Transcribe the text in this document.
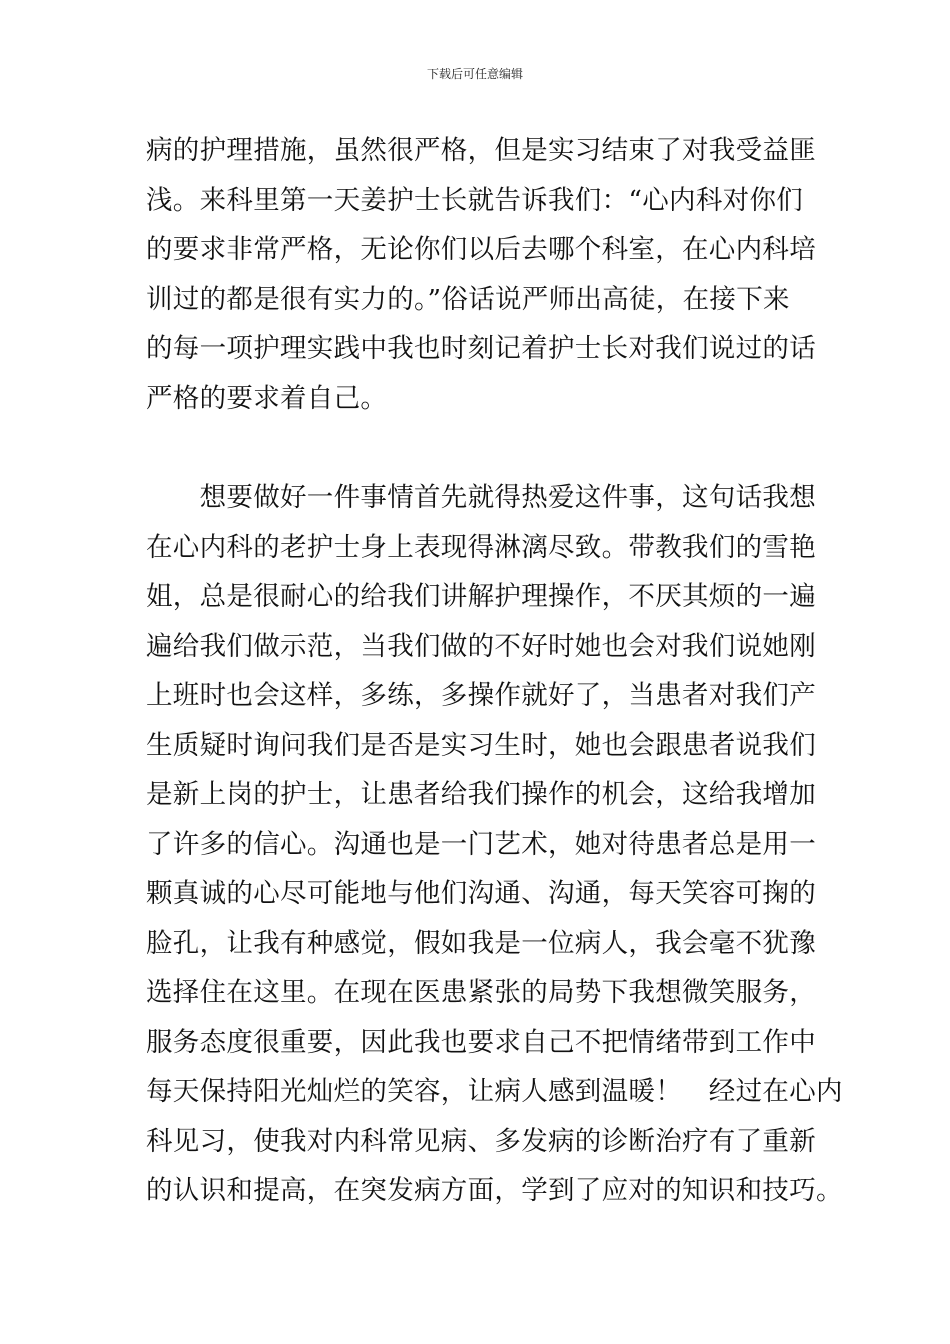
下载后可任意编辑
病的护理措施，虽然很严格，但是实习结束了对我受益匪
浅。来科里第一天姜护士长就告诉我们：“心内科对你们
的要求非常严格，无论你们以后去哪个科室，在心内科培
训过的都是很有实力的。”俗话说严师出高徒，在接下来
的每一项护理实践中我也时刻记着护士长对我们说过的话
严格的要求着自己。
　　想要做好一件事情首先就得热爱这件事，这句话我想
在心内科的老护士身上表现得淋漓尽致。带教我们的雪艳
姐，总是很耐心的给我们讲解护理操作，不厌其烦的一遍
遍给我们做示范，当我们做的不好时她也会对我们说她刚
上班时也会这样，多练，多操作就好了，当患者对我们产
生质疑时询问我们是否是实习生时，她也会跟患者说我们
是新上岗的护士，让患者给我们操作的机会，这给我增加
了许多的信心。沟通也是一门艺术，她对待患者总是用一
颗真诚的心尽可能地与他们沟通、沟通，每天笑容可掬的
脸孔，让我有种感觉，假如我是一位病人，我会毫不犹豫
选择住在这里。在现在医患紧张的局势下我想微笑服务，
服务态度很重要，因此我也要求自己不把情绪带到工作中
每天保持阳光灿烂的笑容，让病人感到温暖！　经过在心内
科见习，使我对内科常见病、多发病的诊断治疗有了重新
的认识和提高，在突发病方面，学到了应对的知识和技巧。
